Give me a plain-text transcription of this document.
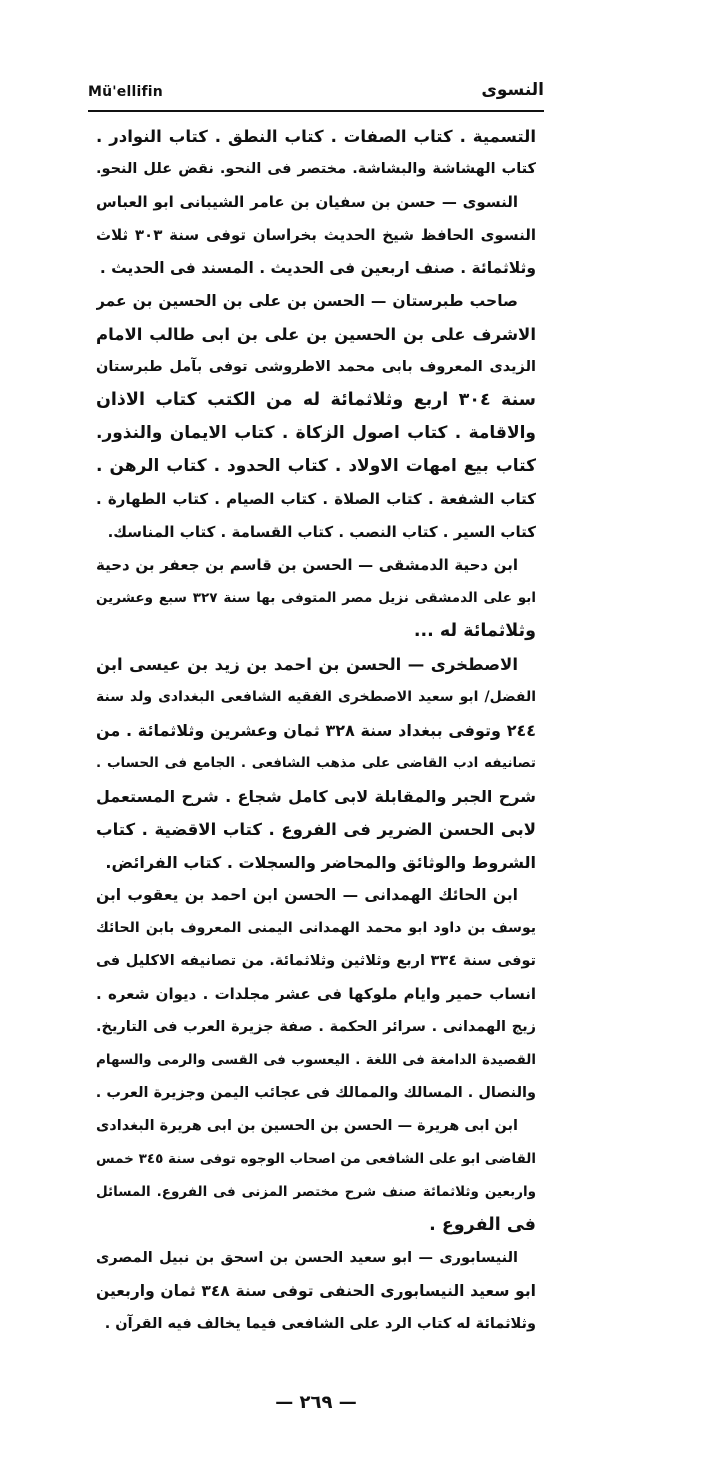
Mü'ellifin	النسوى
التسمية . كتاب الصفات . كتاب النطق . كتاب النوادر .
كتاب الهشاشة والبشاشة. مختصر فى النحو. نقض علل النحو.
النسوى — حسن بن سفيان بن عامر الشيبانى ابو العباس
النسوى الحافظ شيخ الحديث بخراسان توفى سنة ٣٠٣ ثلاث
وثلاثمائة . صنف اربعين فى الحديث . المسند فى الحديث .
صاحب طبرستان — الحسن بن على بن الحسين بن عمر
الاشرف على بن الحسين بن على بن ابى طالب الامام
الزيدى المعروف بابى محمد الاطروشى توفى بآمل طبرستان
سنة ٣٠٤ اربع وثلاثمائة له من الكتب كتاب الاذان
والاقامة . كتاب اصول الزكاة . كتاب الايمان والنذور.
كتاب بيع امهات الاولاد . كتاب الحدود . كتاب الرهن .
كتاب الشفعة . كتاب الصلاة . كتاب الصيام . كتاب الطهارة .
كتاب السير . كتاب النصب . كتاب القسامة . كتاب المناسك.
ابن دحية الدمشقى — الحسن بن قاسم بن جعفر بن دحية
ابو على الدمشقى نزيل مصر المتوفى بها سنة ٣٢٧ سبع وعشرين
وثلاثمائة له ...
الاصطخرى — الحسن بن احمد بن زيد بن عيسى ابن
الفضل/ ابو سعيد الاصطخرى الفقيه الشافعى البغدادى ولد سنة
٢٤٤ وتوفى ببغداد سنة ٣٢٨ ثمان وعشرين وثلاثمائة . من
تصانيفه ادب القاضى على مذهب الشافعى . الجامع فى الحساب .
شرح الجبر والمقابلة لابى كامل شجاع . شرح المستعمل
لابى الحسن الضرير فى الفروع . كتاب الاقضية . كتاب
الشروط والوثائق والمحاضر والسجلات . كتاب الفرائض.
ابن الحائك الهمدانى — الحسن ابن احمد بن يعقوب ابن
يوسف بن داود ابو محمد الهمدانى اليمنى المعروف بابن الحائك
توفى سنة ٣٣٤ اربع وثلاثين وثلاثمائة. من تصانيفه الاكليل فى
انساب حمير وايام ملوكها فى عشر مجلدات . ديوان شعره .
زيج الهمدانى . سرائر الحكمة . صفة جزيرة العرب فى التاريخ.
القصيدة الدامغة فى اللغة . اليعسوب فى القسى والرمى والسهام
والنصال . المسالك والممالك فى عجائب اليمن وجزيرة العرب .
ابن ابى هريرة — الحسن بن الحسين بن ابى هريرة البغدادى
القاضى ابو على الشافعى من اصحاب الوجوه توفى سنة ٣٤٥ خمس
واربعين وثلاثمائة صنف شرح مختصر المزنى فى الفروع. المسائل
فى الفروع .
النيسابورى — ابو سعيد الحسن بن اسحق بن نبيل المصرى
ابو سعيد النيسابورى الحنفى توفى سنة ٣٤٨ ثمان واربعين
وثلاثمائة له كتاب الرد على الشافعى فيما يخالف فيه القرآن .
— ٢٦٩ —
